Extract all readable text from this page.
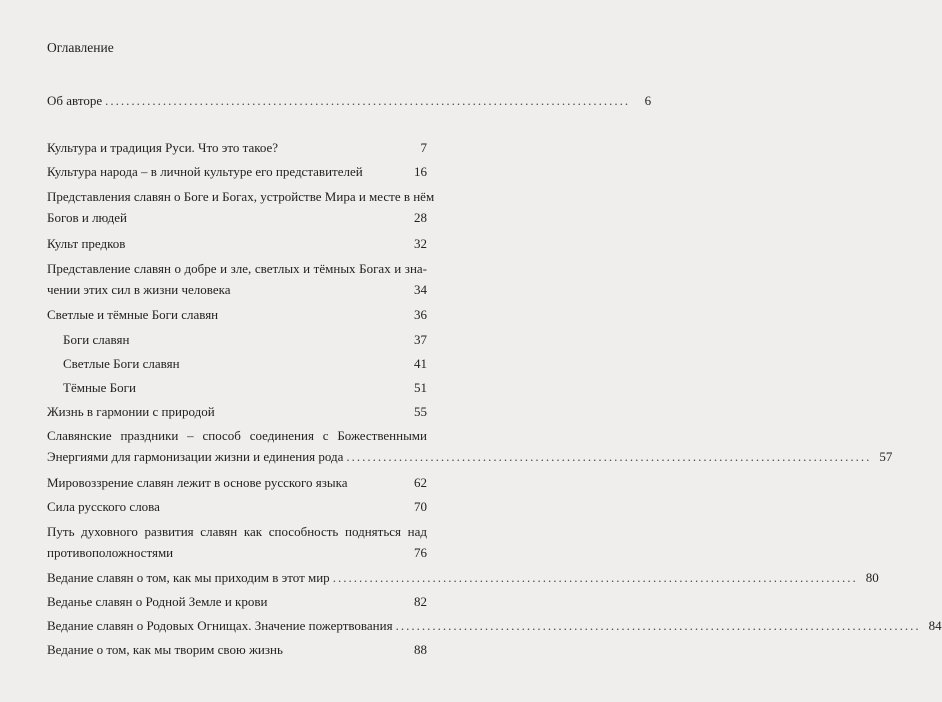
Оглавление
Об авторе ....................................................................................................	6
Культура и традиция Руси. Что это такое?	7
Культура народа – в личной культуре его представителей	16
Представления славян о Боге и Богах, устройстве Мира и месте в нём
Богов и людей	28
Культ предков	32
Представление славян о добре и зле, светлых и тёмных Богах и зна-
чении этих сил в жизни человека	34
Светлые и тёмные Боги славян	36
Боги славян	37
Светлые Боги славян	41
Тёмные Боги	51
Жизнь в гармонии с природой	55
Славянские праздники – способ соединения с Божественными
Энергиями для гармонизации жизни и единения рода .................................................................................................... 57
Мировоззрение славян лежит в основе русского языка	62
Сила русского слова	70
Путь духовного развития славян как способность подняться над
противоположностями	76
Ведание славян о том, как мы приходим в этот мир .................................................................................................... 80
Веданье славян о Родной Земле и крови	82
Ведание славян о Родовых Огнищах. Значение пожертвования .................................................................................................... 84
Ведание о том, как мы творим свою жизнь	88
